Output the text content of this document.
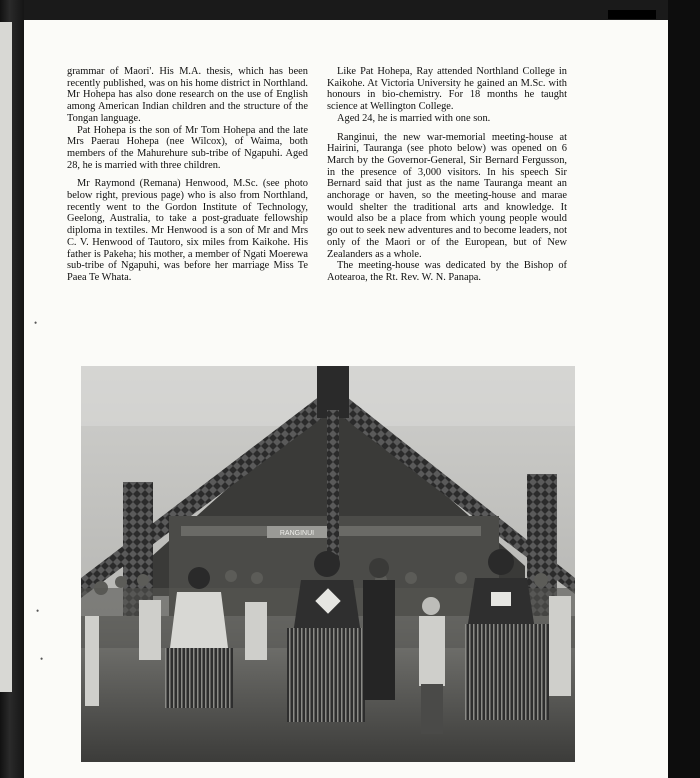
grammar of Maori'. His M.A. thesis, which has been recently published, was on his home district in Northland. Mr Hohepa has also done research on the use of English among American Indian children and the structure of the Tongan language.

Pat Hohepa is the son of Mr Tom Hohepa and the late Mrs Paerau Hohepa (nee Wilcox), of Waima, both members of the Mahurehure sub-tribe of Ngapuhi. Aged 28, he is married with three children.

Mr Raymond (Remana) Henwood, M.Sc. (see photo below right, previous page) who is also from Northland, recently went to the Gordon Institute of Technology, Geelong, Australia, to take a post-graduate fellowship diploma in textiles. Mr Henwood is a son of Mr and Mrs C. V. Henwood of Tautoro, six miles from Kaikohe. His father is Pakeha; his mother, a member of Ngati Moerewa sub-tribe of Ngapuhi, was before her marriage Miss Te Paea Te Whata.

Like Pat Hohepa, Ray attended Northland College in Kaikohe. At Victoria University he gained an M.Sc. with honours in bio-chemistry. For 18 months he taught science at Wellington College.

Aged 24, he is married with one son.

Ranginui, the new war-memorial meeting-house at Hairini, Tauranga (see photo below) was opened on 6 March by the Governor-General, Sir Bernard Fergusson, in the presence of 3,000 visitors. In his speech Sir Bernard said that just as the name Tauranga meant an anchorage or haven, so the meeting-house and marae would shelter the traditional arts and knowledge. It would also be a place from which young people would go out to seek new adventures and to become leaders, not only of the Maori or of the European, but of New Zealanders as a whole.

The meeting-house was dedicated by the Bishop of Aotearoa, the Rt. Rev. W. N. Panapa.

•
•
•
RANGINUI
